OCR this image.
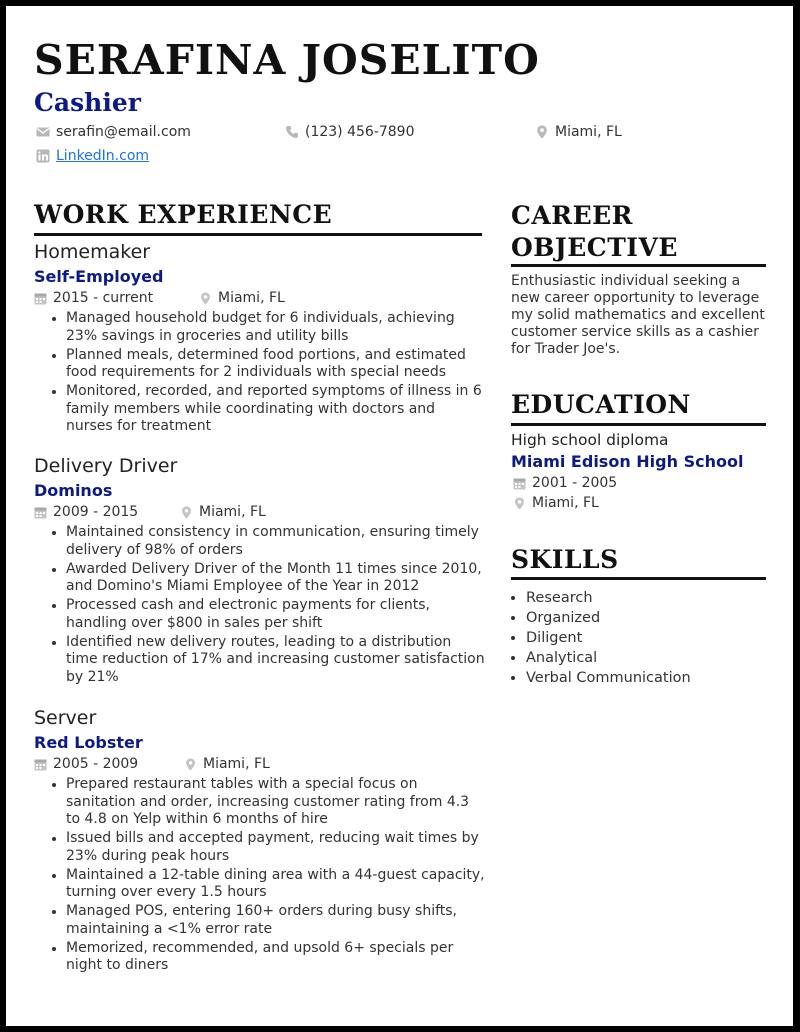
SERAFINA JOSELITO
Cashier
serafin@email.com	(123) 456-7890	Miami, FL
LinkedIn.com
WORK EXPERIENCE
Homemaker
Self-Employed
2015 - current	Miami, FL
• Managed household budget for 6 individuals, achieving 23% savings in groceries and utility bills
• Planned meals, determined food portions, and estimated food requirements for 2 individuals with special needs
• Monitored, recorded, and reported symptoms of illness in 6 family members while coordinating with doctors and nurses for treatment
Delivery Driver
Dominos
2009 - 2015	Miami, FL
• Maintained consistency in communication, ensuring timely delivery of 98% of orders
• Awarded Delivery Driver of the Month 11 times since 2010, and Domino's Miami Employee of the Year in 2012
• Processed cash and electronic payments for clients, handling over $800 in sales per shift
• Identified new delivery routes, leading to a distribution time reduction of 17% and increasing customer satisfaction by 21%
Server
Red Lobster
2005 - 2009	Miami, FL
• Prepared restaurant tables with a special focus on sanitation and order, increasing customer rating from 4.3 to 4.8 on Yelp within 6 months of hire
• Issued bills and accepted payment, reducing wait times by 23% during peak hours
• Maintained a 12-table dining area with a 44-guest capacity, turning over every 1.5 hours
• Managed POS, entering 160+ orders during busy shifts, maintaining a <1% error rate
• Memorized, recommended, and upsold 6+ specials per night to diners
CAREER
OBJECTIVE

Enthusiastic individual seeking a new career opportunity to leverage my solid mathematics and excellent customer service skills as a cashier for Trader Joe's.

EDUCATION
High school diploma
Miami Edison High School
2001 - 2005
Miami, FL
SKILLS
• Research
• Organized
• Diligent
• Analytical
• Verbal Communication
